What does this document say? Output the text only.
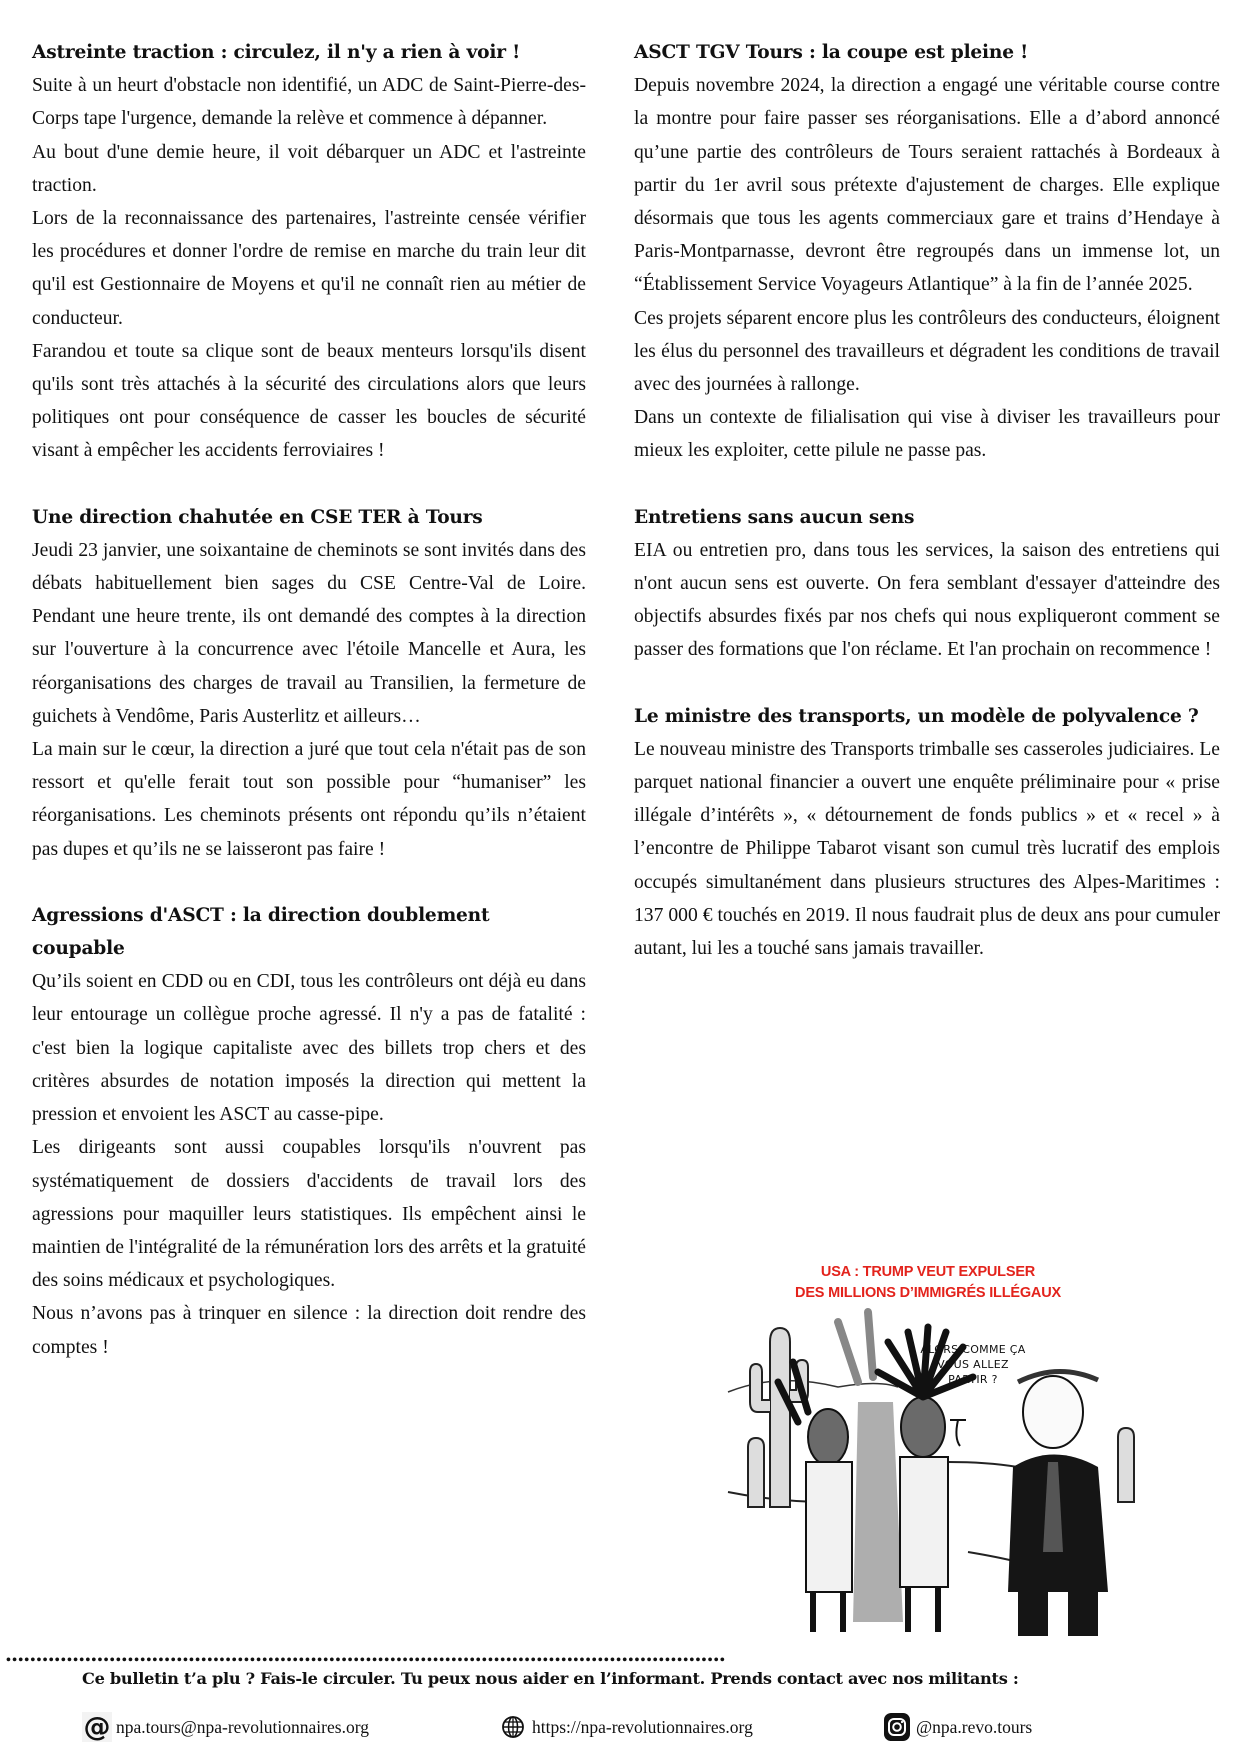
Astreinte traction : circulez, il n'y a rien à voir !

Suite à un heurt d'obstacle non identifié, un ADC de Saint-Pierre-des-Corps tape l'urgence, demande la relève et commence à dépanner.

Au bout d'une demie heure, il voit débarquer un ADC et l'astreinte traction.

Lors de la reconnaissance des partenaires, l'astreinte censée vérifier les procédures et donner l'ordre de remise en marche du train leur dit qu'il est Gestionnaire de Moyens et qu'il ne connaît rien au métier de conducteur.

Farandou et toute sa clique sont de beaux menteurs lorsqu'ils disent qu'ils sont très attachés à la sécurité des circulations alors que leurs politiques ont pour conséquence de casser les boucles de sécurité visant à empêcher les accidents ferroviaires !

Une direction chahutée en CSE TER à Tours

Jeudi 23 janvier, une soixantaine de cheminots se sont invités dans des débats habituellement bien sages du CSE Centre-Val de Loire. Pendant une heure trente, ils ont demandé des comptes à la direction sur l'ouverture à la concurrence avec l'étoile Mancelle et Aura, les réorganisations des charges de travail au Transilien, la fermeture de guichets à Vendôme, Paris Austerlitz et ailleurs…

La main sur le cœur, la direction a juré que tout cela n'était pas de son ressort et qu'elle ferait tout son possible pour “humaniser” les réorganisations. Les cheminots présents ont répondu qu’ils n’étaient pas dupes et qu’ils ne se laisseront pas faire !

Agressions d'ASCT : la direction doublement coupable

Qu’ils soient en CDD ou en CDI, tous les contrôleurs ont déjà eu dans leur entourage un collègue proche agressé. Il n'y a pas de fatalité : c'est bien la logique capitaliste avec des billets trop chers et des critères absurdes de notation imposés la direction qui mettent la pression et envoient les ASCT au casse-pipe.

Les dirigeants sont aussi coupables lorsqu'ils n'ouvrent pas systématiquement de dossiers d'accidents de travail lors des agressions pour maquiller leurs statistiques. Ils empêchent ainsi le maintien de l'intégralité de la rémunération lors des arrêts et la gratuité des soins médicaux et psychologiques.

Nous n’avons pas à trinquer en silence : la direction doit rendre des comptes !

ASCT TGV Tours : la coupe est pleine !

Depuis novembre 2024, la direction a engagé une véritable course contre la montre pour faire passer ses réorganisations. Elle a d’abord annoncé qu’une partie des contrôleurs de Tours seraient rattachés à Bordeaux à partir du 1er avril sous prétexte d'ajustement de charges. Elle explique désormais que tous les agents commerciaux gare et trains d’Hendaye à Paris-Montparnasse, devront être regroupés dans un immense lot, un “Établissement Service Voyageurs Atlantique” à la fin de l’année 2025.

Ces projets séparent encore plus les contrôleurs des conducteurs, éloignent les élus du personnel des travailleurs et dégradent les conditions de travail avec des journées à rallonge.

Dans un contexte de filialisation qui vise à diviser les travailleurs pour mieux les exploiter, cette pilule ne passe pas.

Entretiens sans aucun sens

EIA ou entretien pro, dans tous les services, la saison des entretiens qui n'ont aucun sens est ouverte. On fera semblant d'essayer d'atteindre des objectifs absurdes fixés par nos chefs qui nous expliqueront comment se passer des formations que l'on réclame. Et l'an prochain on recommence !

Le ministre des transports, un modèle de polyvalence ?

Le nouveau ministre des Transports trimballe ses casseroles judiciaires. Le parquet national financier a ouvert une enquête préliminaire pour « prise illégale d’intérêts », « détournement de fonds publics » et « recel » à l’encontre de Philippe Tabarot visant son cumul très lucratif des emplois occupés simultanément dans plusieurs structures des Alpes-Maritimes : 137 000 € touchés en 2019. Il nous faudrait plus de deux ans pour cumuler autant, lui les a touché sans jamais travailler.

USA : TRUMP VEUT EXPULSER
DES MILLIONS D’IMMIGRÉS ILLÉGAUX
ALORS COMME ÇA VOUS ALLEZ PARTIR ?
••••••••••••••••••••••••••••••••••••••••••••••••••••••••••••••••••••••••••••••••••••••••••••••••••••••••••••••••••••••
Ce bulletin t’a plu ? Fais-le circuler. Tu peux nous aider en l’informant. Prends contact avec nos militants :
@ npa.tours@npa-revolutionnaires.org	https://npa-revolutionnaires.org	@npa.revo.tours
